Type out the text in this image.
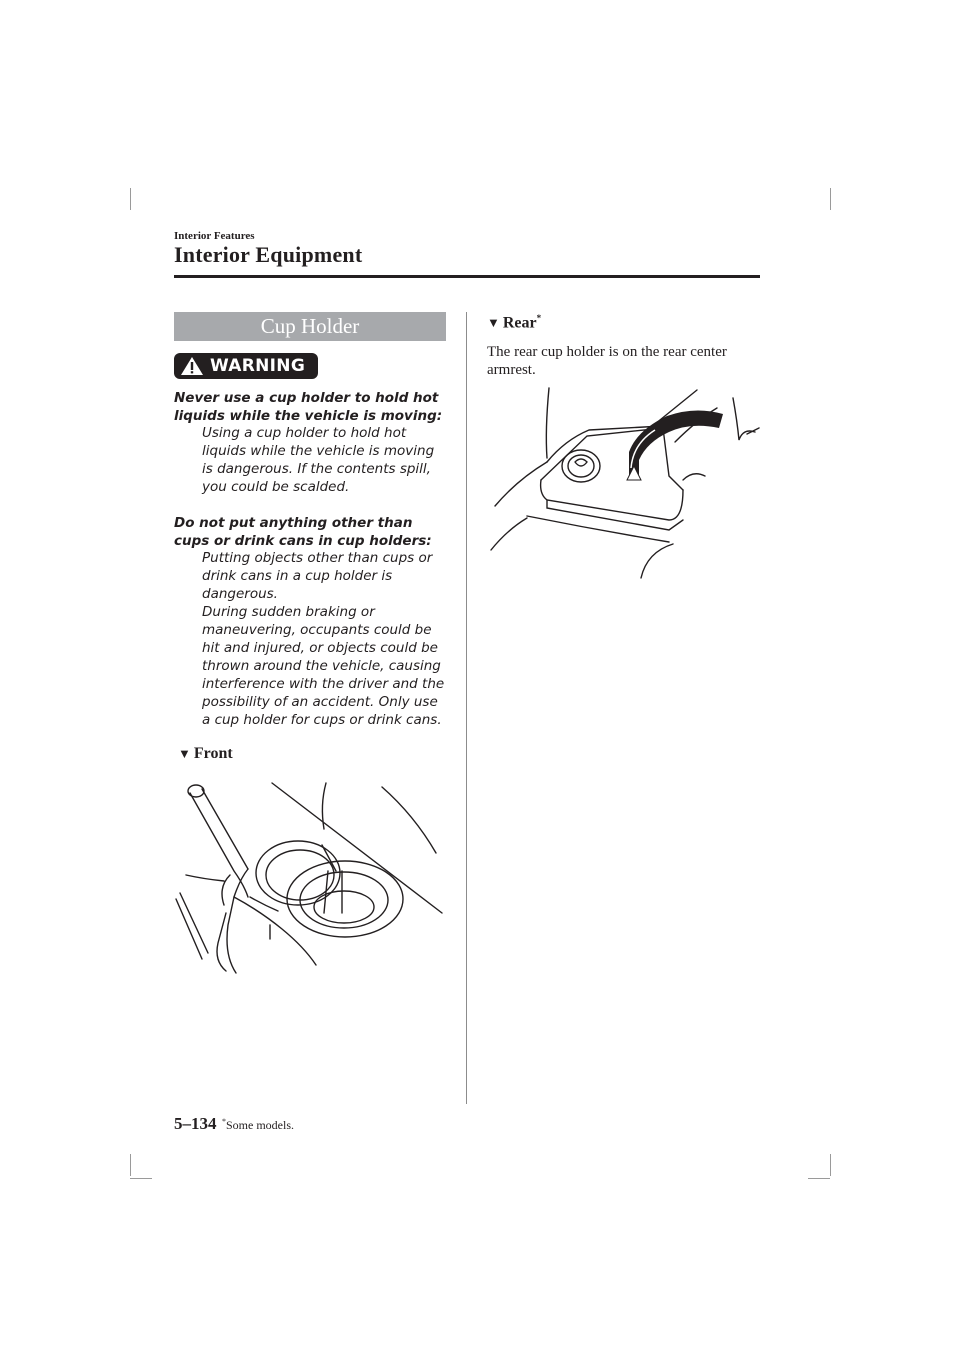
Interior Features
Interior Equipment
Cup Holder
WARNING
Never use a cup holder to hold hot liquids while the vehicle is moving:
Using a cup holder to hold hot liquids while the vehicle is moving is dangerous. If the contents spill, you could be scalded.
Do not put anything other than cups or drink cans in cup holders:
Putting objects other than cups or drink cans in a cup holder is dangerous.
During sudden braking or maneuvering, occupants could be hit and injured, or objects could be thrown around the vehicle, causing interference with the driver and the possibility of an accident. Only use a cup holder for cups or drink cans.
▼ Front
▼ Rear*
The rear cup holder is on the rear center armrest.
5–134 *Some models.
